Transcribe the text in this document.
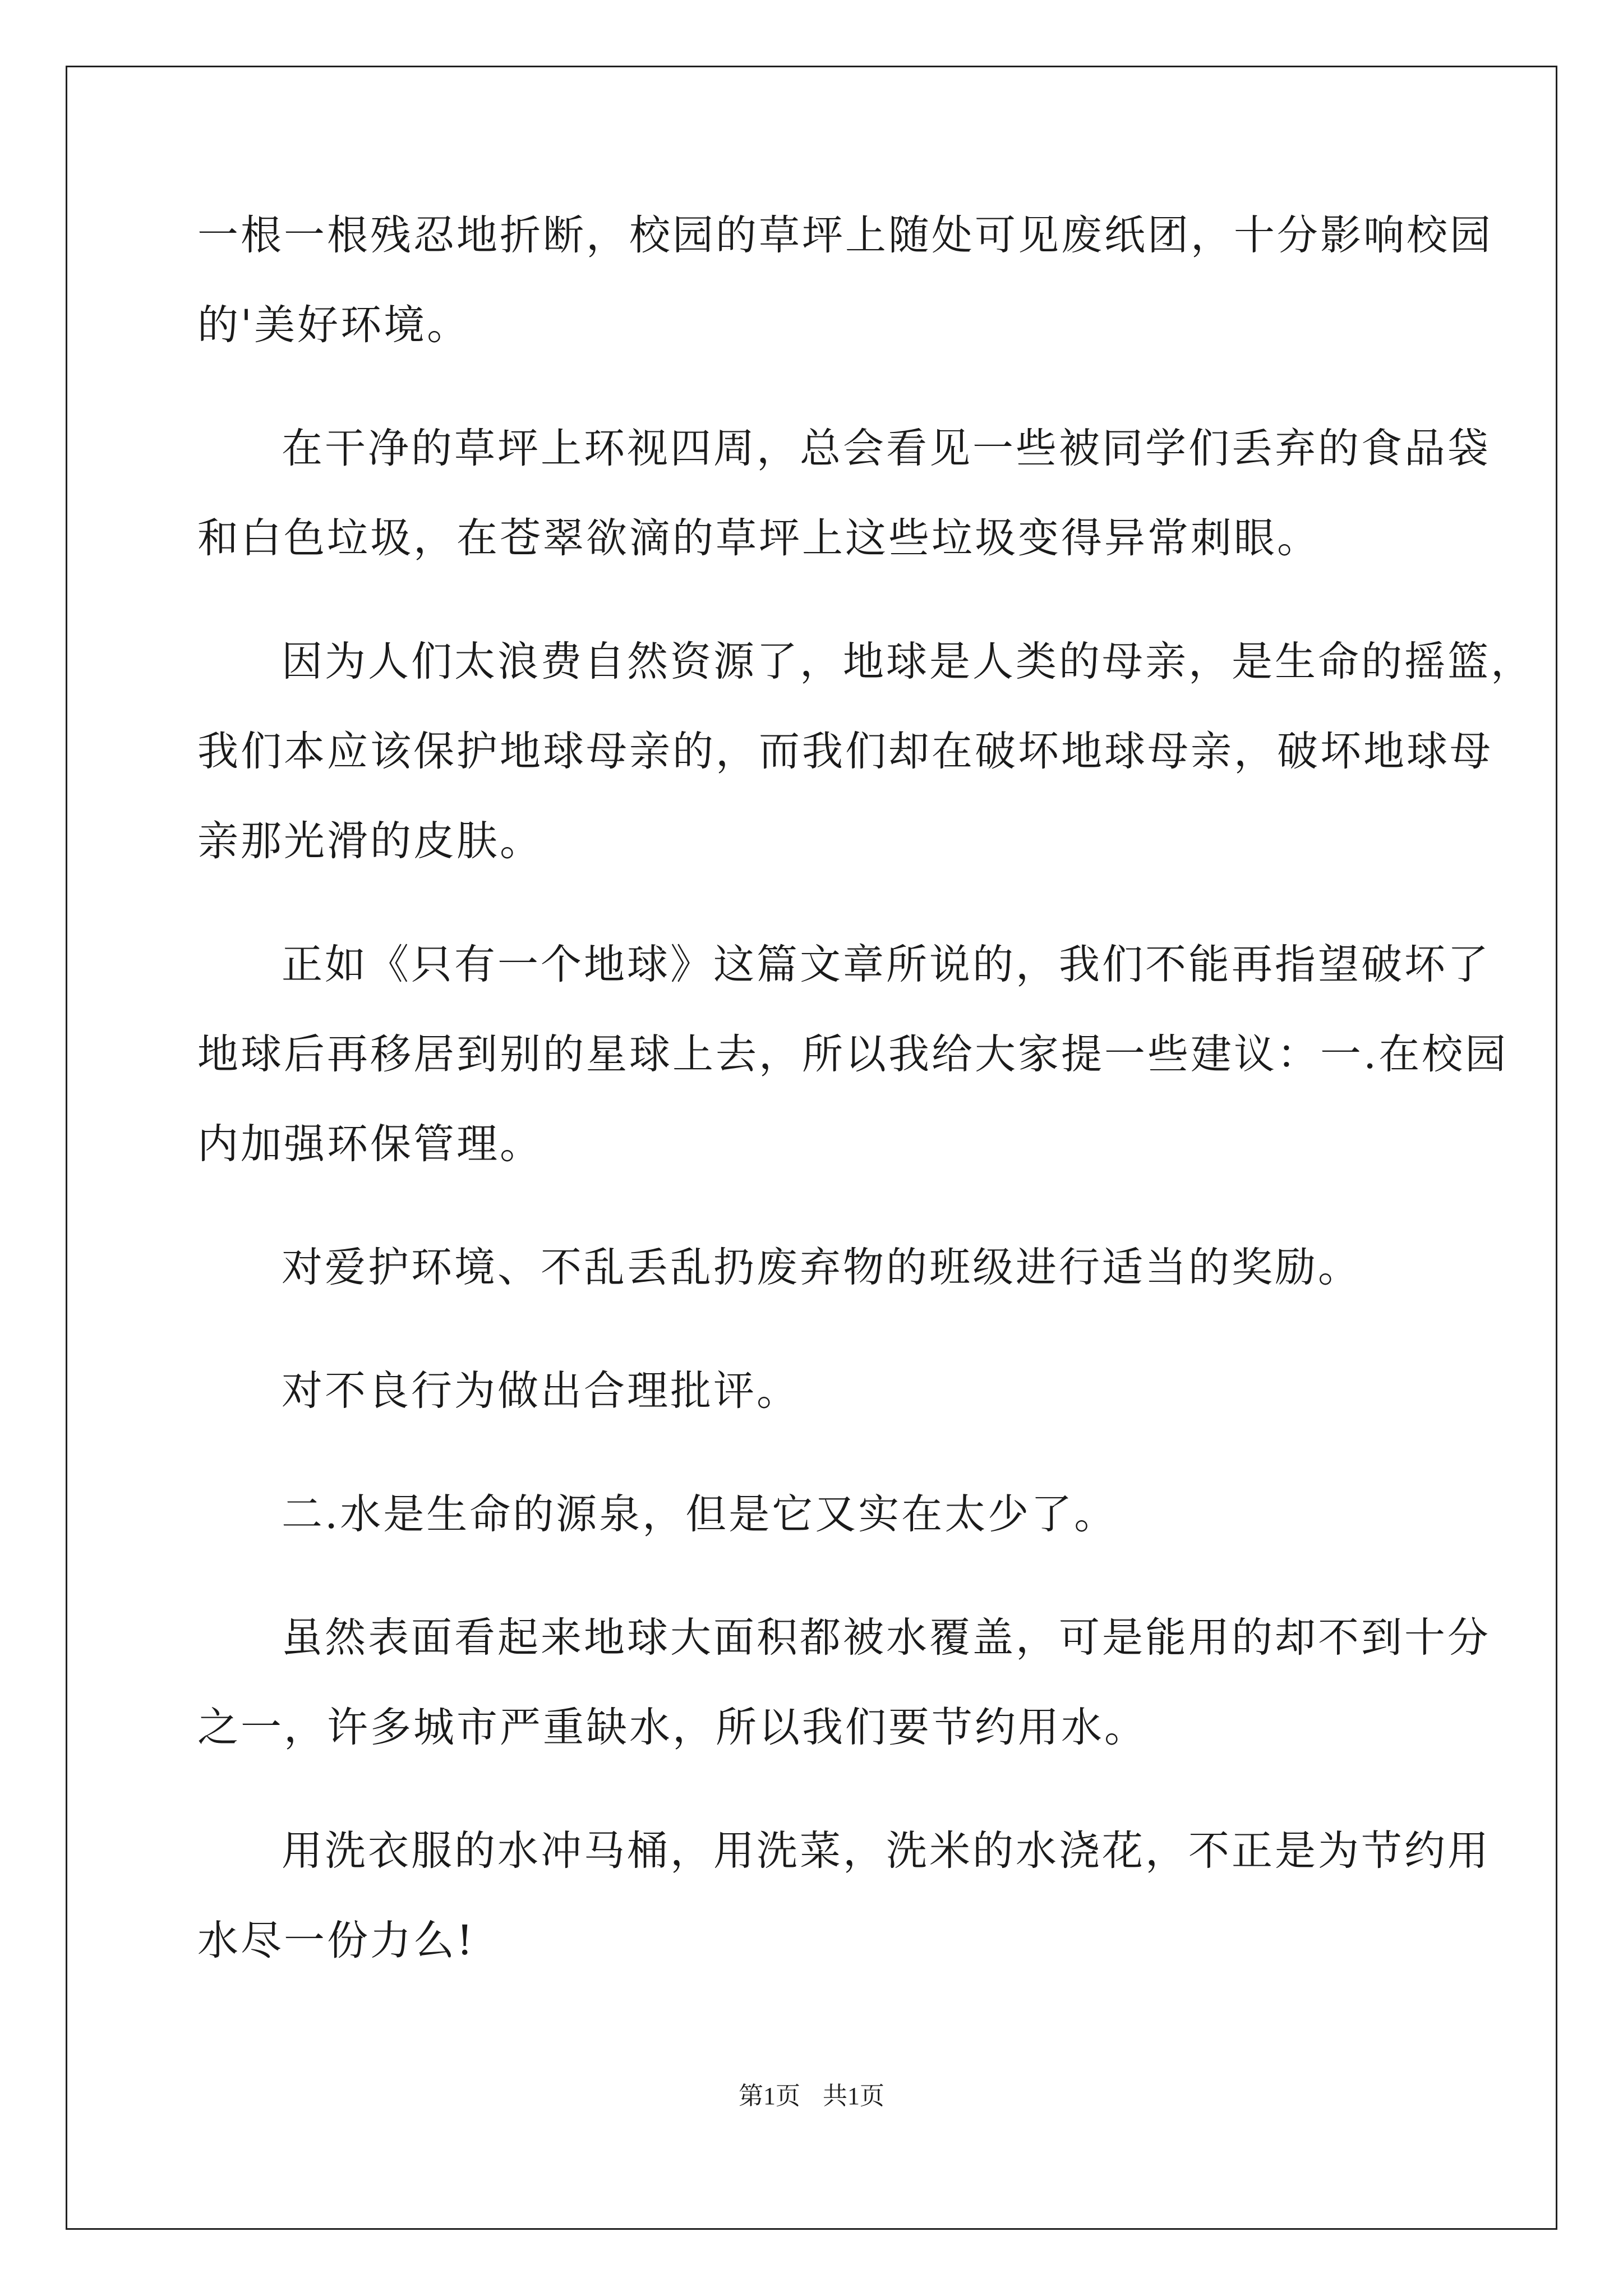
一根一根残忍地折断，校园的草坪上随处可见废纸团，十分影响校园
的'美好环境。
在干净的草坪上环视四周，总会看见一些被同学们丢弃的食品袋
和白色垃圾，在苍翠欲滴的草坪上这些垃圾变得异常刺眼。
因为人们太浪费自然资源了，地球是人类的母亲，是生命的摇篮，
我们本应该保护地球母亲的，而我们却在破坏地球母亲，破坏地球母
亲那光滑的皮肤。
正如《只有一个地球》这篇文章所说的，我们不能再指望破坏了
地球后再移居到别的星球上去，所以我给大家提一些建议：一.在校园
内加强环保管理。
对爱护环境、不乱丢乱扔废弃物的班级进行适当的奖励。
对不良行为做出合理批评。
二.水是生命的源泉，但是它又实在太少了。
虽然表面看起来地球大面积都被水覆盖，可是能用的却不到十分
之一，许多城市严重缺水，所以我们要节约用水。
用洗衣服的水冲马桶，用洗菜，洗米的水浇花，不正是为节约用
水尽一份力么!
第1页 共1页
